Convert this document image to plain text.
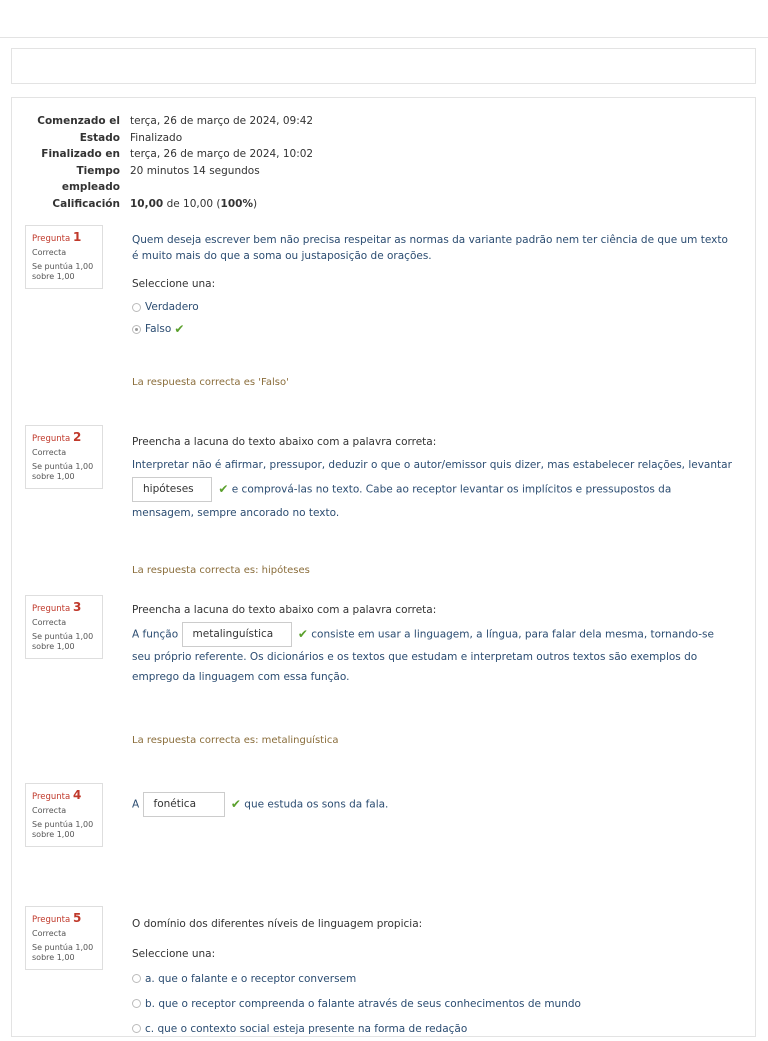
Comenzado el terça, 26 de março de 2024, 09:42
Estado Finalizado
Finalizado en terça, 26 de março de 2024, 10:02
Tiempo
empleado
20 minutos 14 segundos
Calificación 10,00 de 10,00 (100%)
Pregunta 1
Correcta
Se puntúa 1,00
sobre 1,00
Quem deseja escrever bem não precisa respeitar as normas da variante padrão nem ter ciência de que um texto é muito mais do que a soma ou justaposição de orações.
Seleccione una:
Verdadero
Falso ✔
La respuesta correcta es 'Falso'
Pregunta 2
Correcta
Se puntúa 1,00
sobre 1,00
Preencha a lacuna do texto abaixo com a palavra correta:
Interpretar não é afirmar, pressupor, deduzir o que o autor/emissor quis dizer, mas estabelecer relações, levantar hipóteses ✔ e comprová-las no texto. Cabe ao receptor levantar os implícitos e pressupostos da mensagem, sempre ancorado no texto.
La respuesta correcta es: hipóteses
Pregunta 3
Correcta
Se puntúa 1,00
sobre 1,00
Preencha a lacuna do texto abaixo com a palavra correta:
A função metalinguística ✔ consiste em usar a linguagem, a língua, para falar dela mesma, tornando-se seu próprio referente. Os dicionários e os textos que estudam e interpretam outros textos são exemplos do emprego da linguagem com essa função.
La respuesta correcta es: metalinguística
Pregunta 4
Correcta
Se puntúa 1,00
sobre 1,00
A fonética	✔ que estuda os sons da fala.
Pregunta 5
Correcta
Se puntúa 1,00
sobre 1,00
O domínio dos diferentes níveis de linguagem propicia:
Seleccione una:
a. que o falante e o receptor conversem
b. que o receptor compreenda o falante através de seus conhecimentos de mundo
c. que o contexto social esteja presente na forma de redação
